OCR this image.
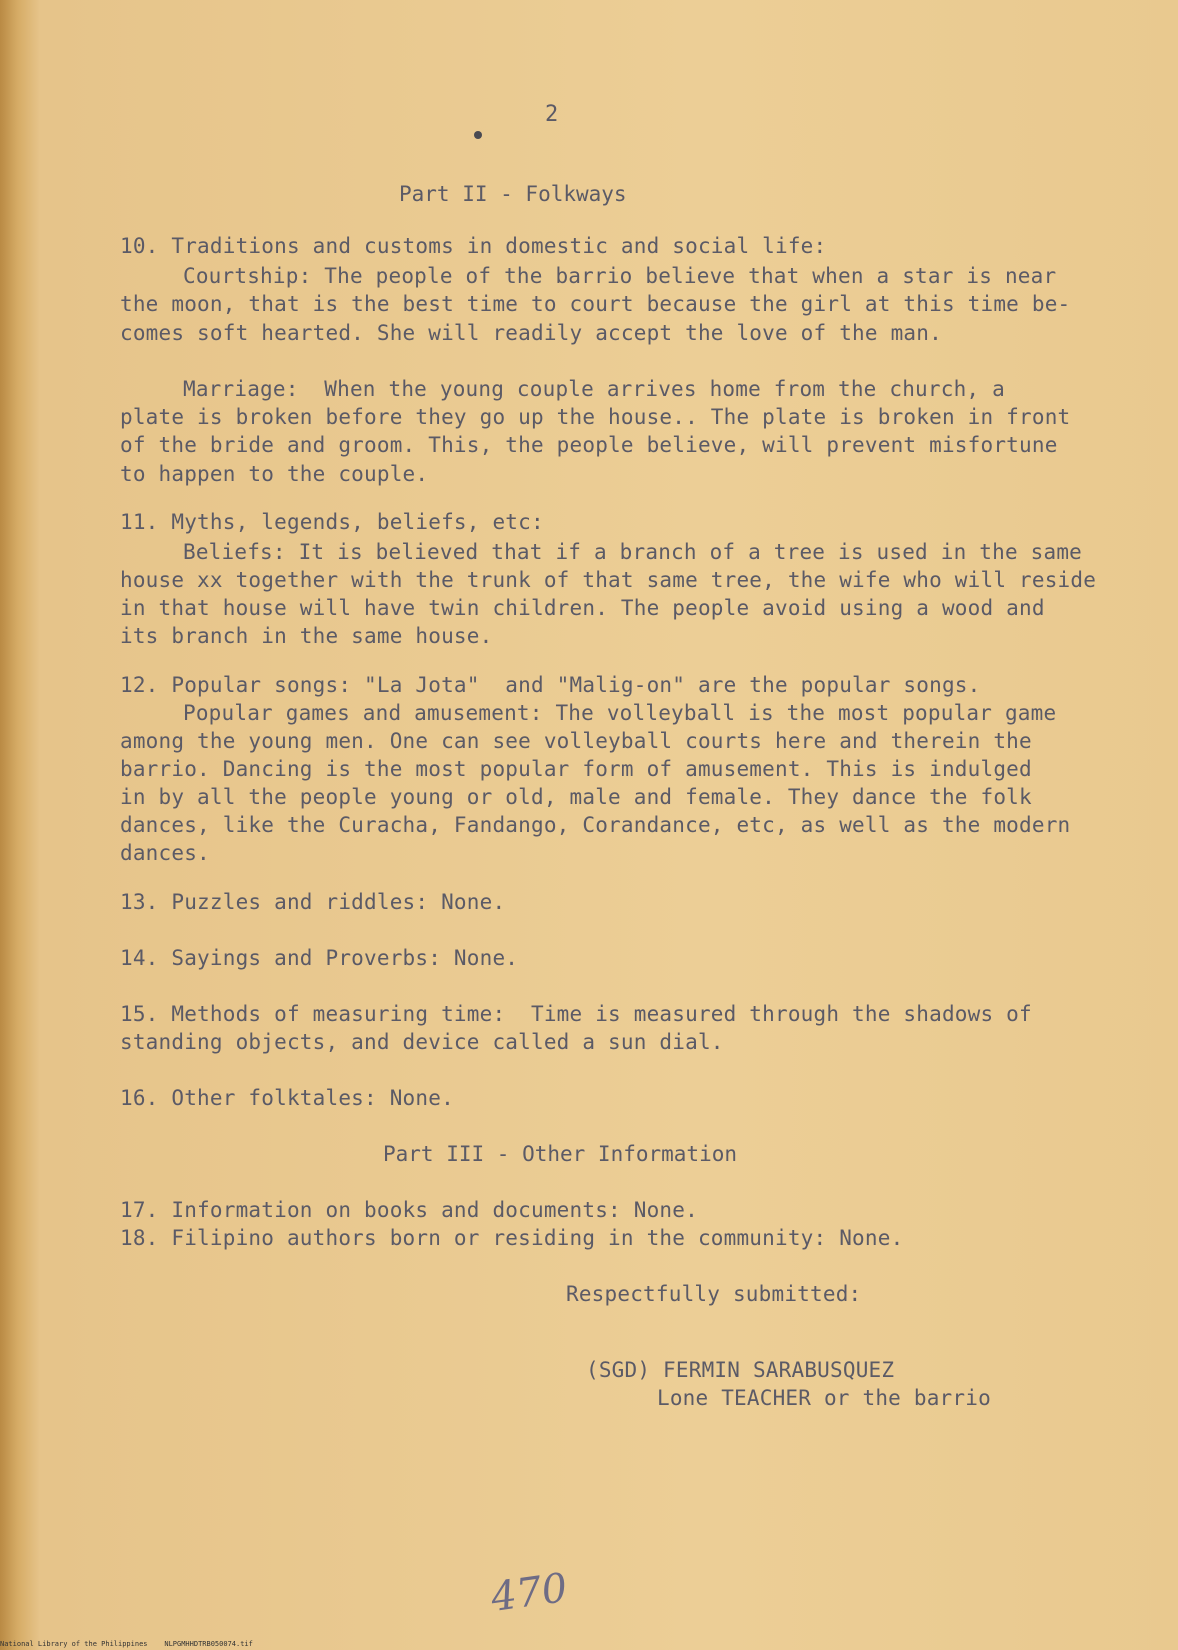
2
Part II - Folkways
10. Traditions and customs in domestic and social life:
Courtship: The people of the barrio believe that when a star is near
the moon, that is the best time to court because the girl at this time be-
comes soft hearted. She will readily accept the love of the man.
Marriage:  When the young couple arrives home from the church, a
plate is broken before they go up the house.. The plate is broken in front
of the bride and groom. This, the people believe, will prevent misfortune
to happen to the couple.
11. Myths, legends, beliefs, etc:
Beliefs: It is believed that if a branch of a tree is used in the same
house xx together with the trunk of that same tree, the wife who will reside
in that house will have twin children. The people avoid using a wood and
its branch in the same house.
12. Popular songs: "La Jota"  and "Malig-on" are the popular songs.
Popular games and amusement: The volleyball is the most popular game
among the young men. One can see volleyball courts here and therein the
barrio. Dancing is the most popular form of amusement. This is indulged
in by all the people young or old, male and female. They dance the folk
dances, like the Curacha, Fandango, Corandance, etc, as well as the modern
dances.
13. Puzzles and riddles: None.
14. Sayings and Proverbs: None.
15. Methods of measuring time:  Time is measured through the shadows of
standing objects, and device called a sun dial.
16. Other folktales: None.
17. Information on books and documents: None.
18. Filipino authors born or residing in the community: None.
Respectfully submitted:
(SGD) FERMIN SARABUSQUEZ
Lone TEACHER or the barrio
Part III - Other Information
470
National Library of the Philippines    NLPGMHHDTRB050074.tif
